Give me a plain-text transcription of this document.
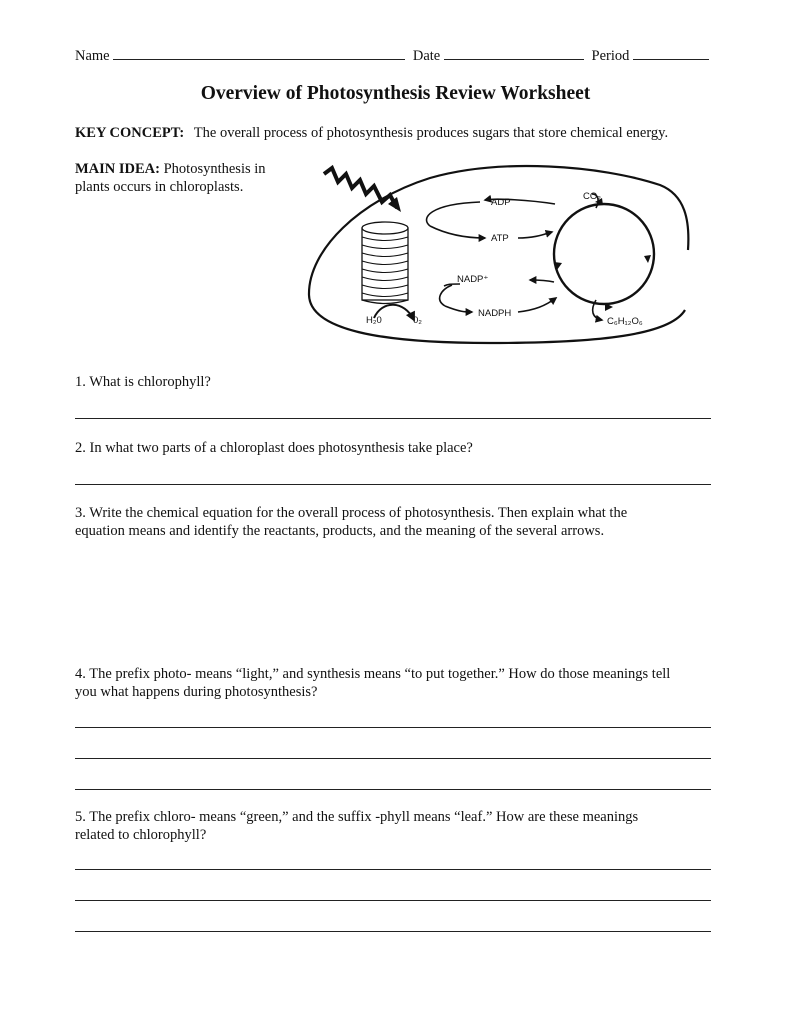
Name	Date	Period
Overview of Photosynthesis Review Worksheet
KEY CONCEPT: The overall process of photosynthesis produces sugars that store chemical energy.
MAIN IDEA: Photosynthesis in
plants occurs in chloroplasts.
H₂0	0₂
ADP
ATP
NADP⁺
NADPH
CO₂
C₆H₁₂O₆
1. What is chlorophyll?
2. In what two parts of a chloroplast does photosynthesis take place?
3. Write the chemical equation for the overall process of photosynthesis. Then explain what the
equation means and identify the reactants, products, and the meaning of the several arrows.
4. The prefix photo- means “light,” and synthesis means “to put together.” How do those meanings tell
you what happens during photosynthesis?
5. The prefix chloro- means “green,” and the suffix -phyll means “leaf.” How are these meanings
related to chlorophyll?
